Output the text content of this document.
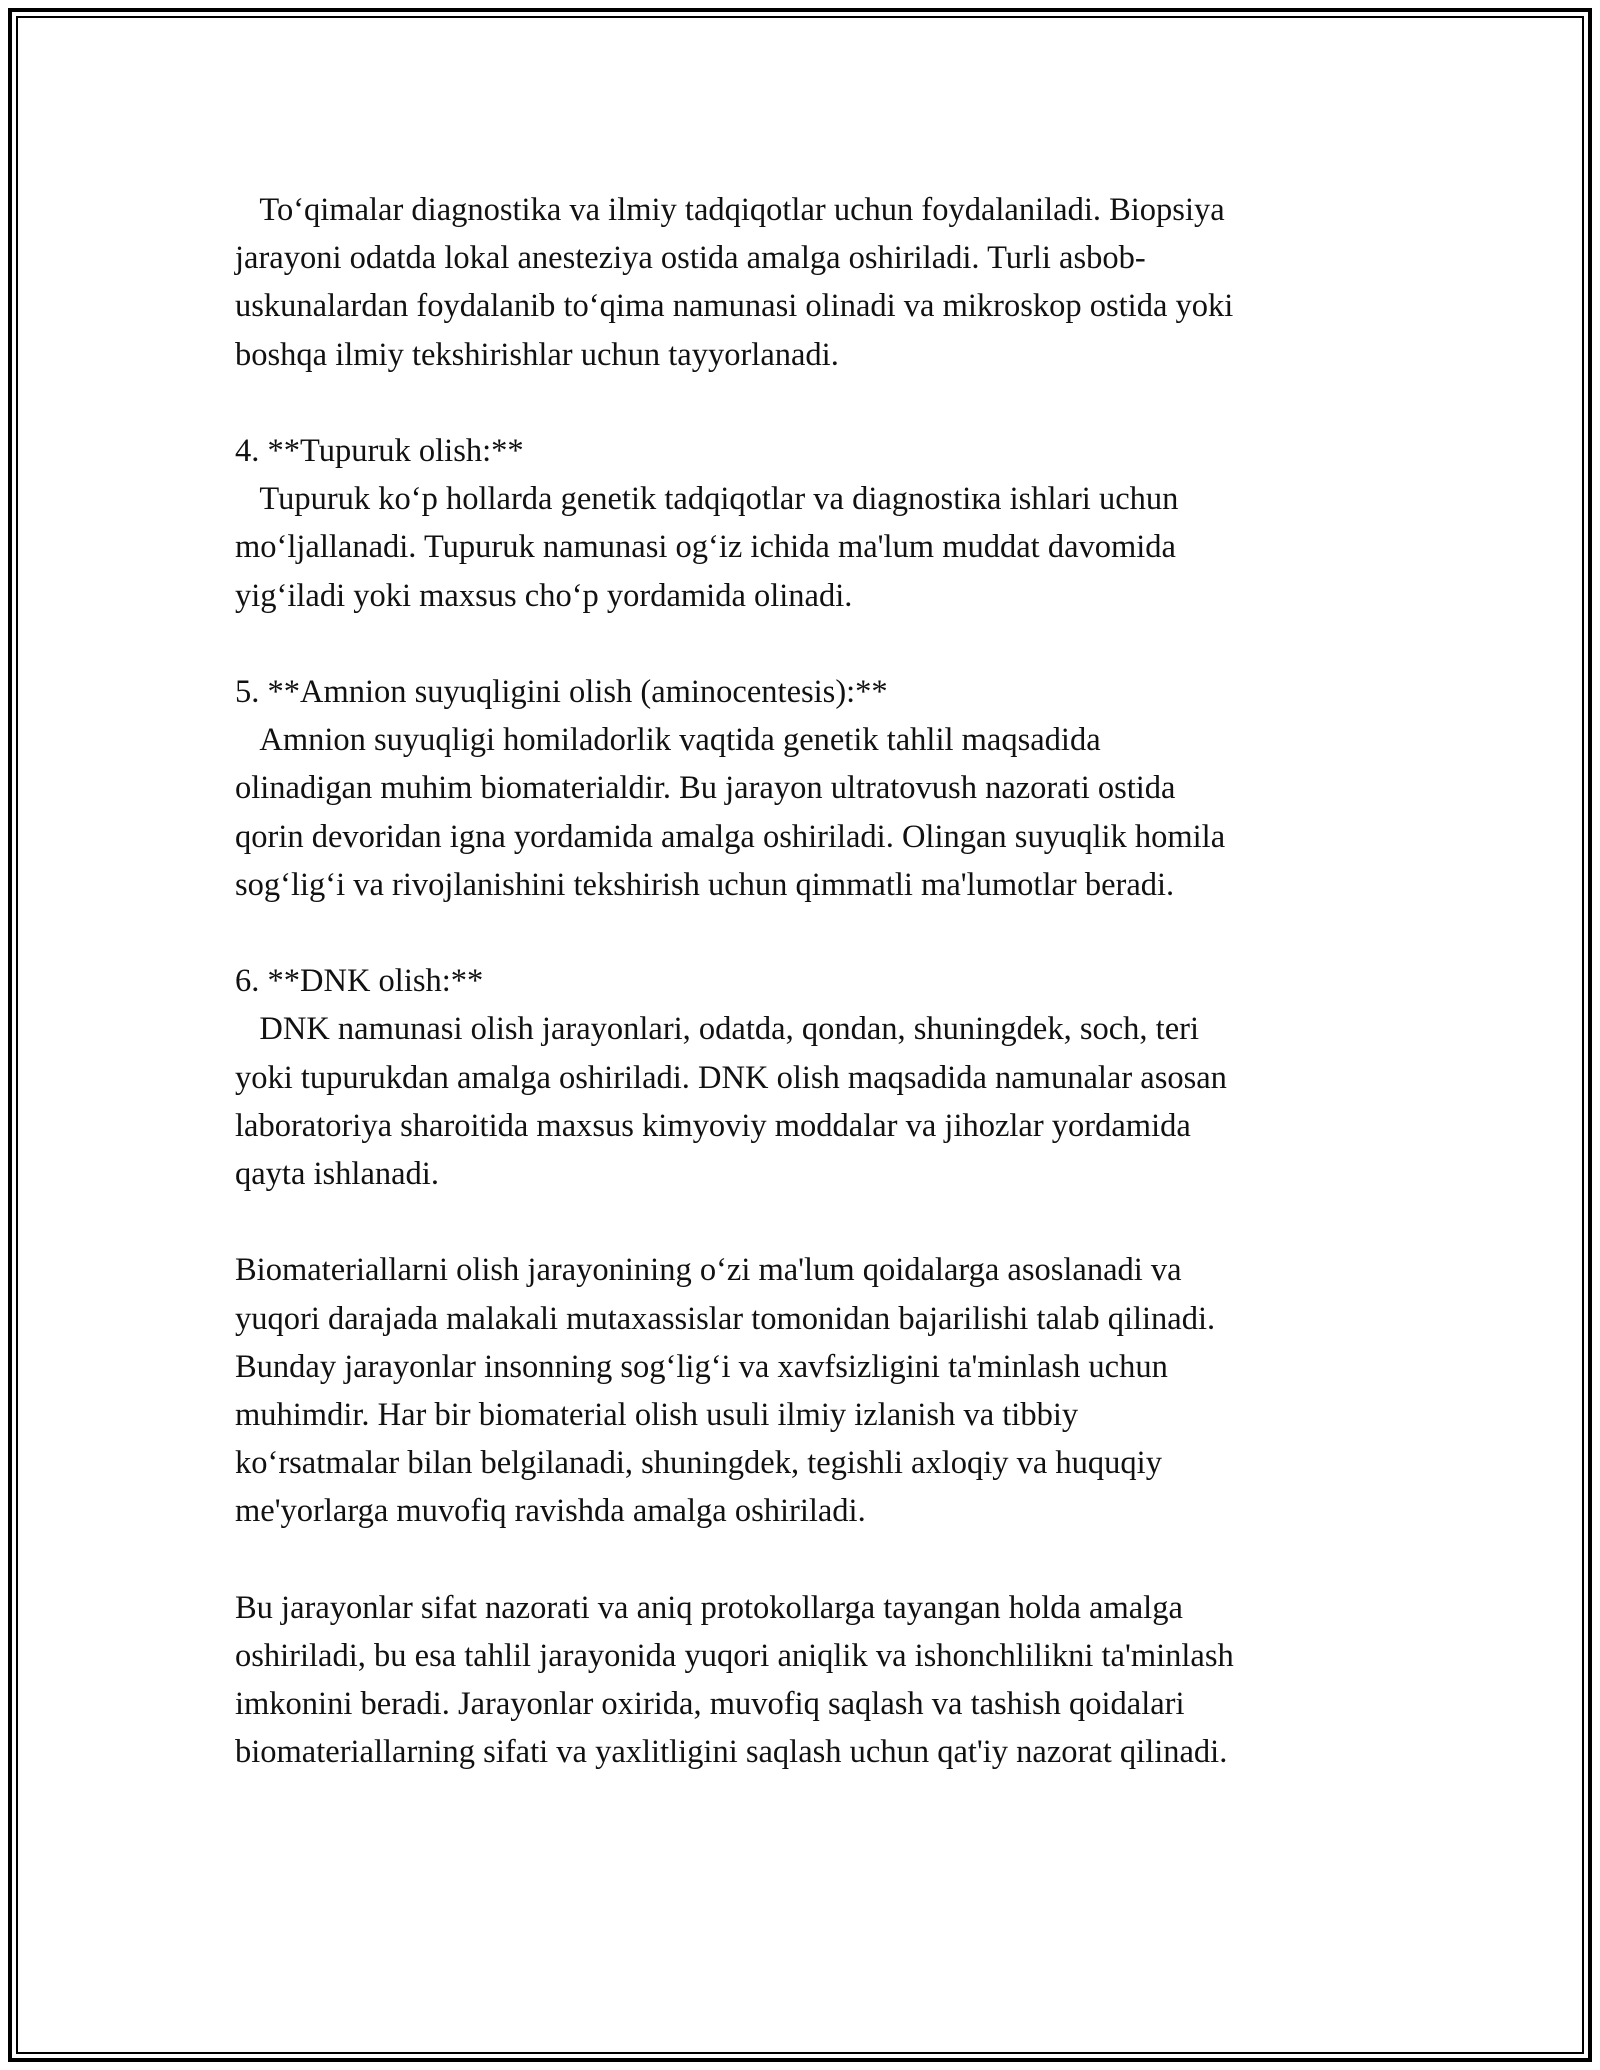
To‘qimalar diagnostika va ilmiy tadqiqotlar uchun foydalaniladi. Biopsiya
jarayoni odatda lokal anesteziya ostida amalga oshiriladi. Turli asbob-
uskunalardan foydalanib to‘qima namunasi olinadi va mikroskop ostida yoki
boshqa ilmiy tekshirishlar uchun tayyorlanadi.

4. **Tupuruk olish:**
Tupuruk ko‘p hollarda genetik tadqiqotlar va diagnostiкa ishlari uchun
mo‘ljallanadi. Tupuruk namunasi og‘iz ichida ma'lum muddat davomida
yig‘iladi yoki maxsus cho‘p yordamida olinadi.

5. **Amnion suyuqligini olish (aminocentesis):**
Amnion suyuqligi homiladorlik vaqtida genetik tahlil maqsadida
olinadigan muhim biomaterialdir. Bu jarayon ultratovush nazorati ostida
qorin devoridan igna yordamida amalga oshiriladi. Olingan suyuqlik homila
sog‘lig‘i va rivojlanishini tekshirish uchun qimmatli ma'lumotlar beradi.

6. **DNK olish:**
DNK namunasi olish jarayonlari, odatda, qondan, shuningdek, soch, teri
yoki tupurukdan amalga oshiriladi. DNK olish maqsadida namunalar asosan
laboratoriya sharoitida maxsus kimyoviy moddalar va jihozlar yordamida
qayta ishlanadi.

Biomateriallarni olish jarayonining o‘zi ma'lum qoidalarga asoslanadi va
yuqori darajada malakali mutaxassislar tomonidan bajarilishi talab qilinadi.
Bunday jarayonlar insonning sog‘lig‘i va xavfsizligini ta'minlash uchun
muhimdir. Har bir biomaterial olish usuli ilmiy izlanish va tibbiy
ko‘rsatmalar bilan belgilanadi, shuningdek, tegishli axloqiy va huquqiy
me'yorlarga muvofiq ravishda amalga oshiriladi.

Bu jarayonlar sifat nazorati va aniq protokollarga tayangan holda amalga
oshiriladi, bu esa tahlil jarayonida yuqori aniqlik va ishonchlilikni ta'minlash
imkonini beradi. Jarayonlar oxirida, muvofiq saqlash va tashish qoidalari
biomateriallarning sifati va yaxlitligini saqlash uchun qat'iy nazorat qilinadi.
